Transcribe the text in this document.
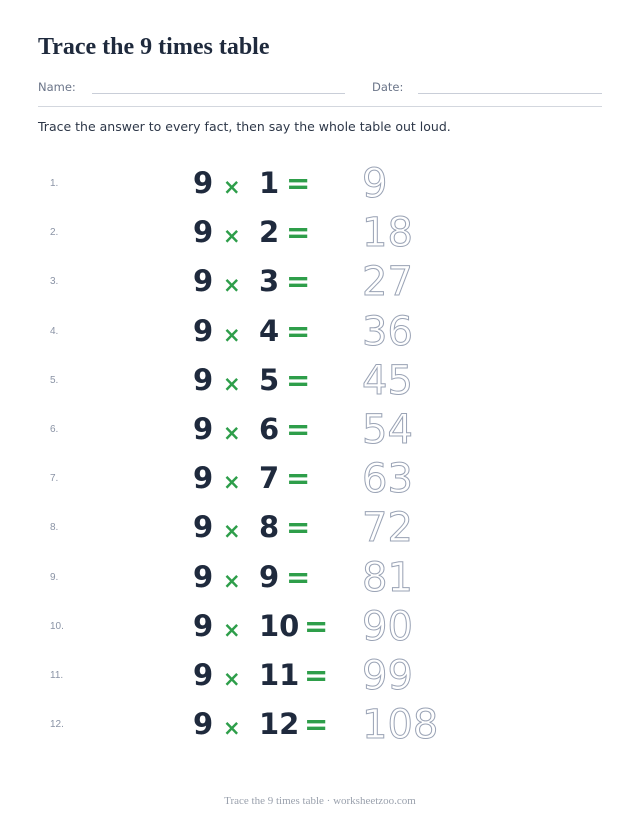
Trace the 9 times table
Name:	Date:

Trace the answer to every fact, then say the whole table out loud.

1.	9 × 1 = 9
2.	9 × 2 = 18
3.	9 × 3 = 27
4.	9 × 4 = 36
5.	9 × 5 = 45
6.	9 × 6 = 54
7.	9 × 7 = 63
8.	9 × 8 = 72
9.	9 × 9 = 81
10.	9 × 10 = 90
11.	9 × 11 = 99
12.	9 × 12 = 108
Trace the 9 times table · worksheetzoo.com
